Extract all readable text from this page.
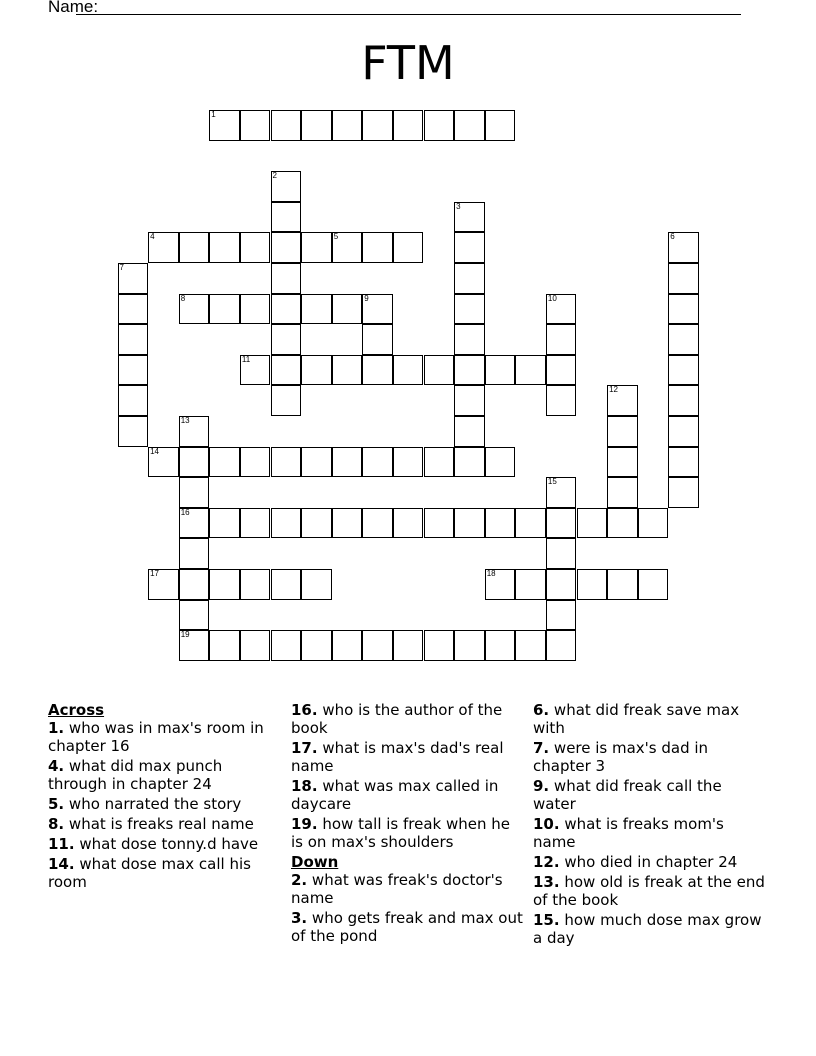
Name:
FTM
1
4	5
8
11
14
16
17	18
19
2
3
6
7
9	10
12
13
15
Across
1. who was in max's room in chapter 16
4. what did max punch through in chapter 24
5. who narrated the story
8. what is freaks real name
11. what dose tonny.d have
14. what dose max call his room
16. who is the author of the book
17. what is max's dad's real name
18. what was max called in daycare
19. how tall is freak when he is on max's shoulders
Down
2. what was freak's doctor's name
3. who gets freak and max out of the pond
6. what did freak save max with
7. were is max's dad in chapter 3
9. what did freak call the water
10. what is freaks mom's name
12. who died in chapter 24
13. how old is freak at the end of the book
15. how much dose max grow a day
